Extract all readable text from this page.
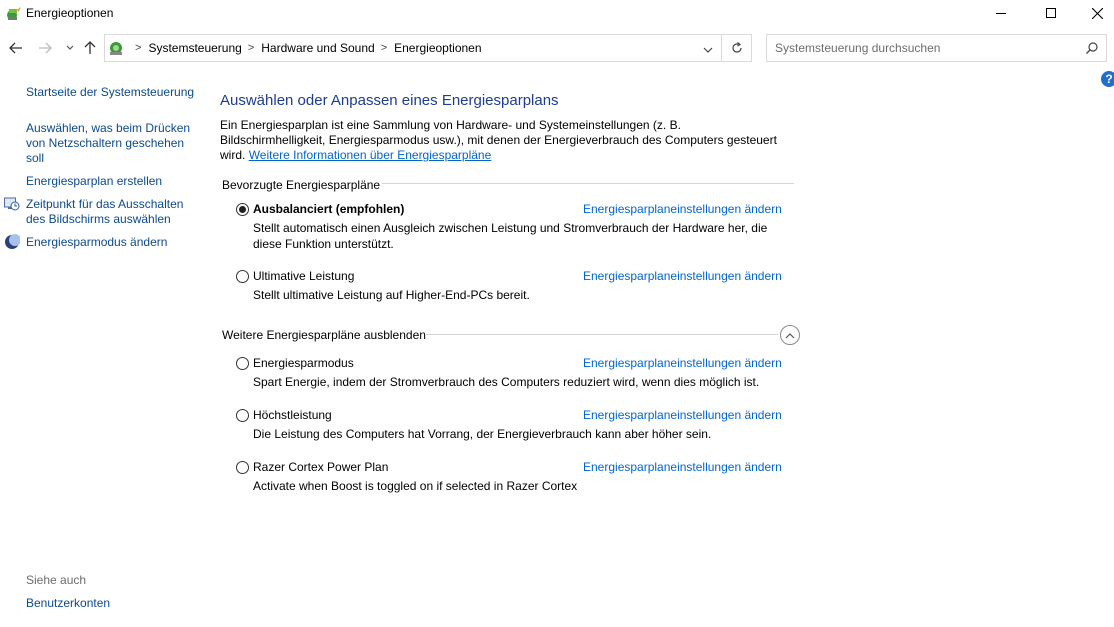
Energieoptionen
> Systemsteuerung > Hardware und Sound > Energieoptionen
Systemsteuerung durchsuchen
?
Startseite der Systemsteuerung
Auswählen, was beim Drücken von Netzschaltern geschehen soll
Energiesparplan erstellen
Zeitpunkt für das Ausschalten des Bildschirms auswählen
Energiesparmodus ändern
Siehe auch
Benutzerkonten
Auswählen oder Anpassen eines Energiesparplans
Ein Energiesparplan ist eine Sammlung von Hardware- und Systemeinstellungen (z. B. Bildschirmhelligkeit, Energiesparmodus usw.), mit denen der Energieverbrauch des Computers gesteuert wird. Weitere Informationen über Energiesparpläne
Bevorzugte Energiesparpläne
Ausbalanciert (empfohlen)	Energiesparplaneinstellungen ändern
Stellt automatisch einen Ausgleich zwischen Leistung und Stromverbrauch der Hardware her, die diese Funktion unterstützt.
Ultimative Leistung	Energiesparplaneinstellungen ändern
Stellt ultimative Leistung auf Higher-End-PCs bereit.
Weitere Energiesparpläne ausblenden
Energiesparmodus	Energiesparplaneinstellungen ändern
Spart Energie, indem der Stromverbrauch des Computers reduziert wird, wenn dies möglich ist.
Höchstleistung	Energiesparplaneinstellungen ändern
Die Leistung des Computers hat Vorrang, der Energieverbrauch kann aber höher sein.
Razer Cortex Power Plan	Energiesparplaneinstellungen ändern
Activate when Boost is toggled on if selected in Razer Cortex
